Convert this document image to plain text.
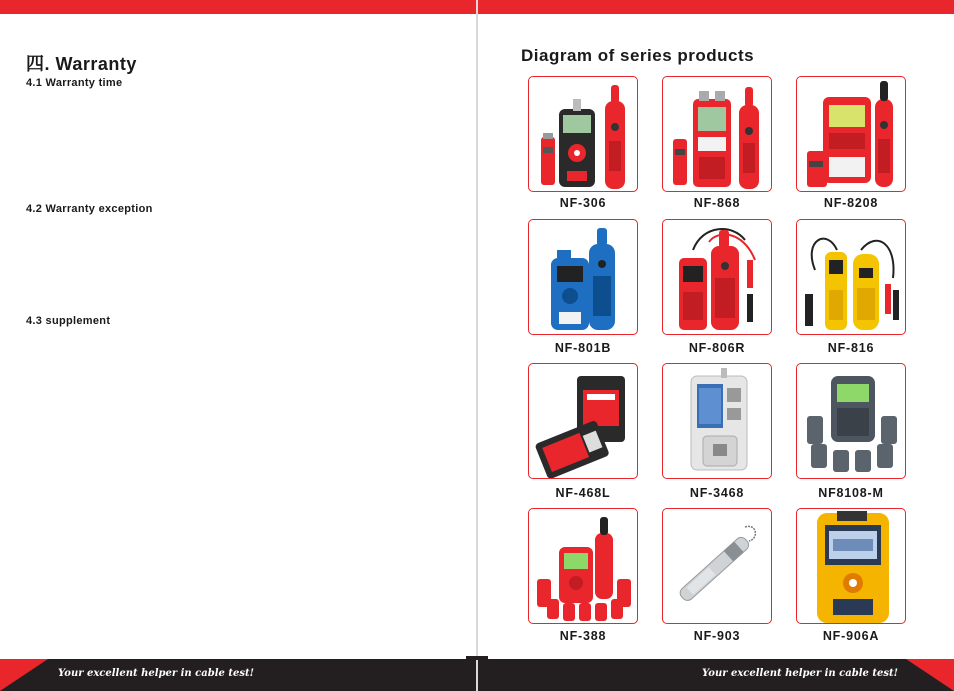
四. Warranty
4.1 Warranty time
4.2 Warranty exception
4.3 supplement
Diagram of series products
NF-306	NF-868	NF-8208
NF-801B	NF-806R	NF-816
NF-468L	NF-3468	NF8108-M
NF-388	NF-903	NF-906A
Your excellent helper in cable test!	Your excellent helper in cable test!
